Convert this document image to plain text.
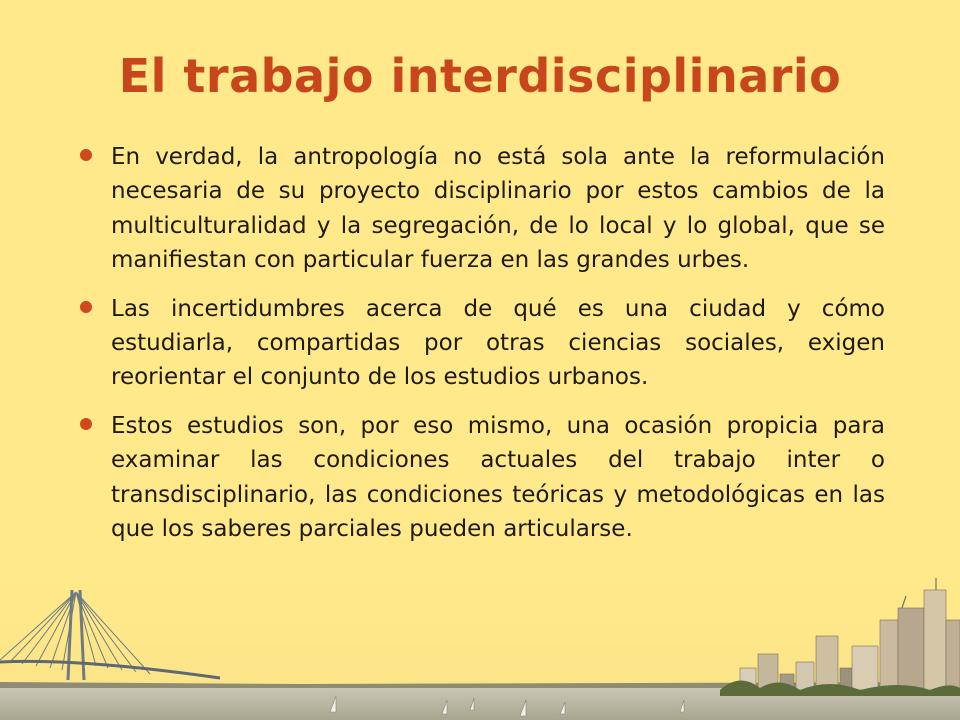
El trabajo interdisciplinario
En verdad, la antropología no está sola ante la reformulación necesaria de su proyecto disciplinario por estos cambios de la multiculturalidad y la segregación, de lo local y lo global, que se manifiestan con particular fuerza en las grandes urbes.
Las incertidumbres acerca de qué es una ciudad y cómo estudiarla, compartidas por otras ciencias sociales, exigen reorientar el conjunto de los estudios urbanos.
Estos estudios son, por eso mismo, una ocasión propicia para examinar las condiciones actuales del trabajo inter o transdisciplinario, las condiciones teóricas y metodológicas en las que los saberes parciales pueden articularse.
